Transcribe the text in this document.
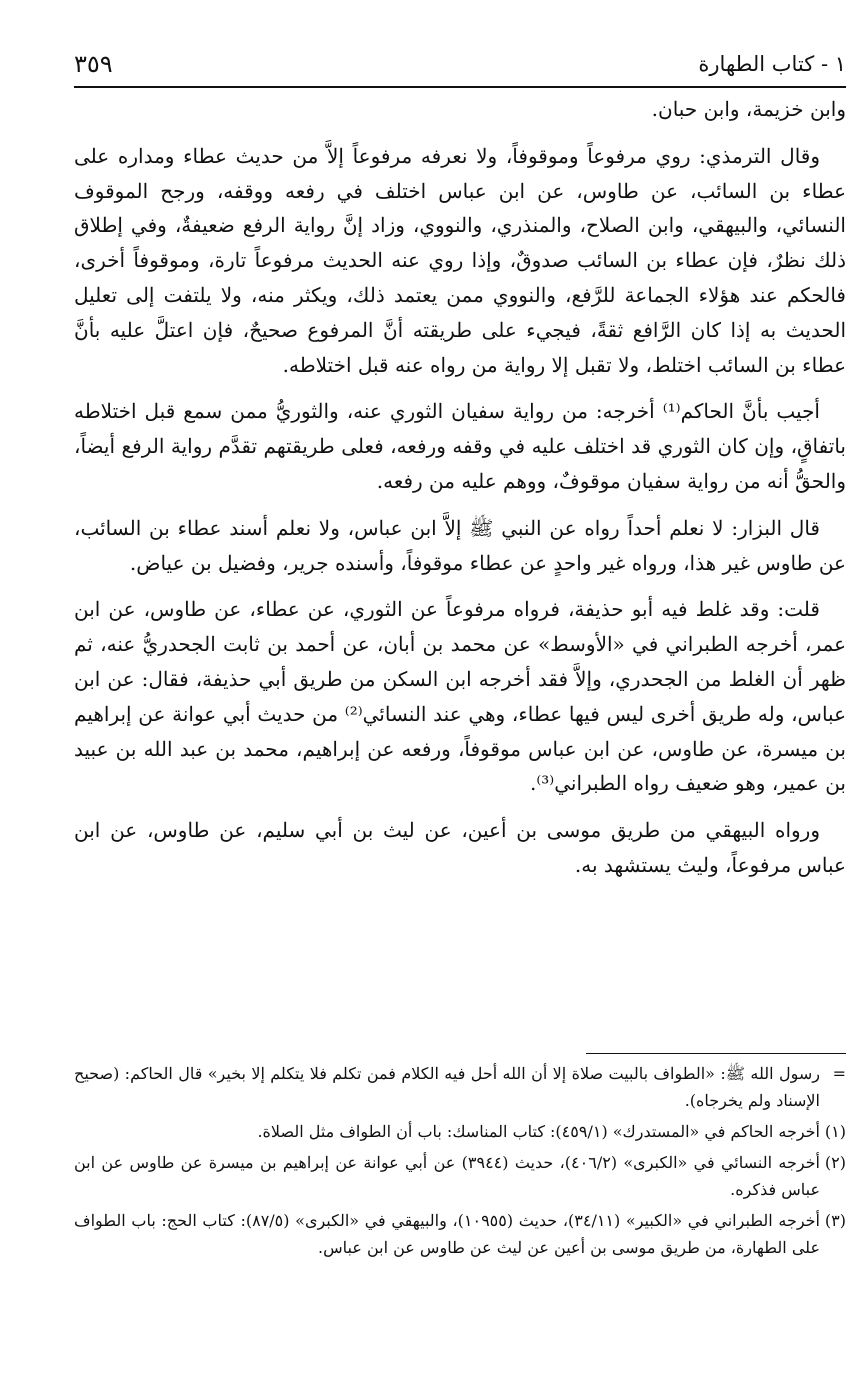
١ - كتاب الطهارة
٣٥٩

وابن خزيمة، وابن حبان.

وقال الترمذي: روي مرفوعاً وموقوفاً، ولا نعرفه مرفوعاً إلاَّ من حديث عطاء ومداره على عطاء بن السائب، عن طاوس، عن ابن عباس اختلف في رفعه ووقفه، ورجح الموقوف النسائي، والبيهقي، وابن الصلاح، والمنذري، والنووي، وزاد إنَّ رواية الرفع ضعيفةٌ، وفي إطلاق ذلك نظرٌ، فإن عطاء بن السائب صدوقٌ، وإذا روي عنه الحديث مرفوعاً تارة، وموقوفاً أخرى، فالحكم عند هؤلاء الجماعة للرَّفع، والنووي ممن يعتمد ذلك، ويكثر منه، ولا يلتفت إلى تعليل الحديث به إذا كان الرَّافع ثقةً، فيجيء على طريقته أنَّ المرفوع صحيحٌ، فإن اعتلَّ عليه بأنَّ عطاء بن السائب اختلط، ولا تقبل إلا رواية من رواه عنه قبل اختلاطه.

أجيب بأنَّ الحاكم⁽¹⁾ أخرجه: من رواية سفيان الثوري عنه، والثوريُّ ممن سمع قبل اختلاطه باتفاقٍ، وإن كان الثوري قد اختلف عليه في وقفه ورفعه، فعلى طريقتهم تقدَّم رواية الرفع أيضاً، والحقُّ أنه من رواية سفيان موقوفٌ، ووهم عليه من رفعه.

قال البزار: لا نعلم أحداً رواه عن النبي ﷺ إلاَّ ابن عباس، ولا نعلم أسند عطاء بن السائب، عن طاوس غير هذا، ورواه غير واحدٍ عن عطاء موقوفاً، وأسنده جرير، وفضيل بن عياض.

قلت: وقد غلط فيه أبو حذيفة، فرواه مرفوعاً عن الثوري، عن عطاء، عن طاوس، عن ابن عمر، أخرجه الطبراني في «الأوسط» عن محمد بن أبان، عن أحمد بن ثابت الجحدريُّ عنه، ثم ظهر أن الغلط من الجحدري، وإلاَّ فقد أخرجه ابن السكن من طريق أبي حذيفة، فقال: عن ابن عباس، وله طريق أخرى ليس فيها عطاء، وهي عند النسائي⁽²⁾ من حديث أبي عوانة عن إبراهيم بن ميسرة، عن طاوس، عن ابن عباس موقوفاً، ورفعه عن إبراهيم، محمد بن عبد الله بن عبيد بن عمير، وهو ضعيف رواه الطبراني⁽³⁾.

ورواه البيهقي من طريق موسى بن أعين، عن ليث بن أبي سليم، عن طاوس، عن ابن عباس مرفوعاً، وليث يستشهد به.

=
رسول الله ﷺ: «الطواف بالبيت صلاة إلا أن الله أحل فيه الكلام فمن تكلم فلا يتكلم إلا بخير» قال الحاكم: (صحيح الإسناد ولم يخرجاه).
(١)
أخرجه الحاكم في «المستدرك» (٤٥٩/١): كتاب المناسك: باب أن الطواف مثل الصلاة.
(٢)
أخرجه النسائي في «الكبرى» (٤٠٦/٢)، حديث (٣٩٤٤) عن أبي عوانة عن إبراهيم بن ميسرة عن طاوس عن ابن عباس فذكره.
(٣)
أخرجه الطبراني في «الكبير» (٣٤/١١)، حديث (١٠٩٥٥)، والبيهقي في «الكبرى» (٨٧/٥): كتاب الحج: باب الطواف على الطهارة، من طريق موسى بن أعين عن ليث عن طاوس عن ابن عباس.
